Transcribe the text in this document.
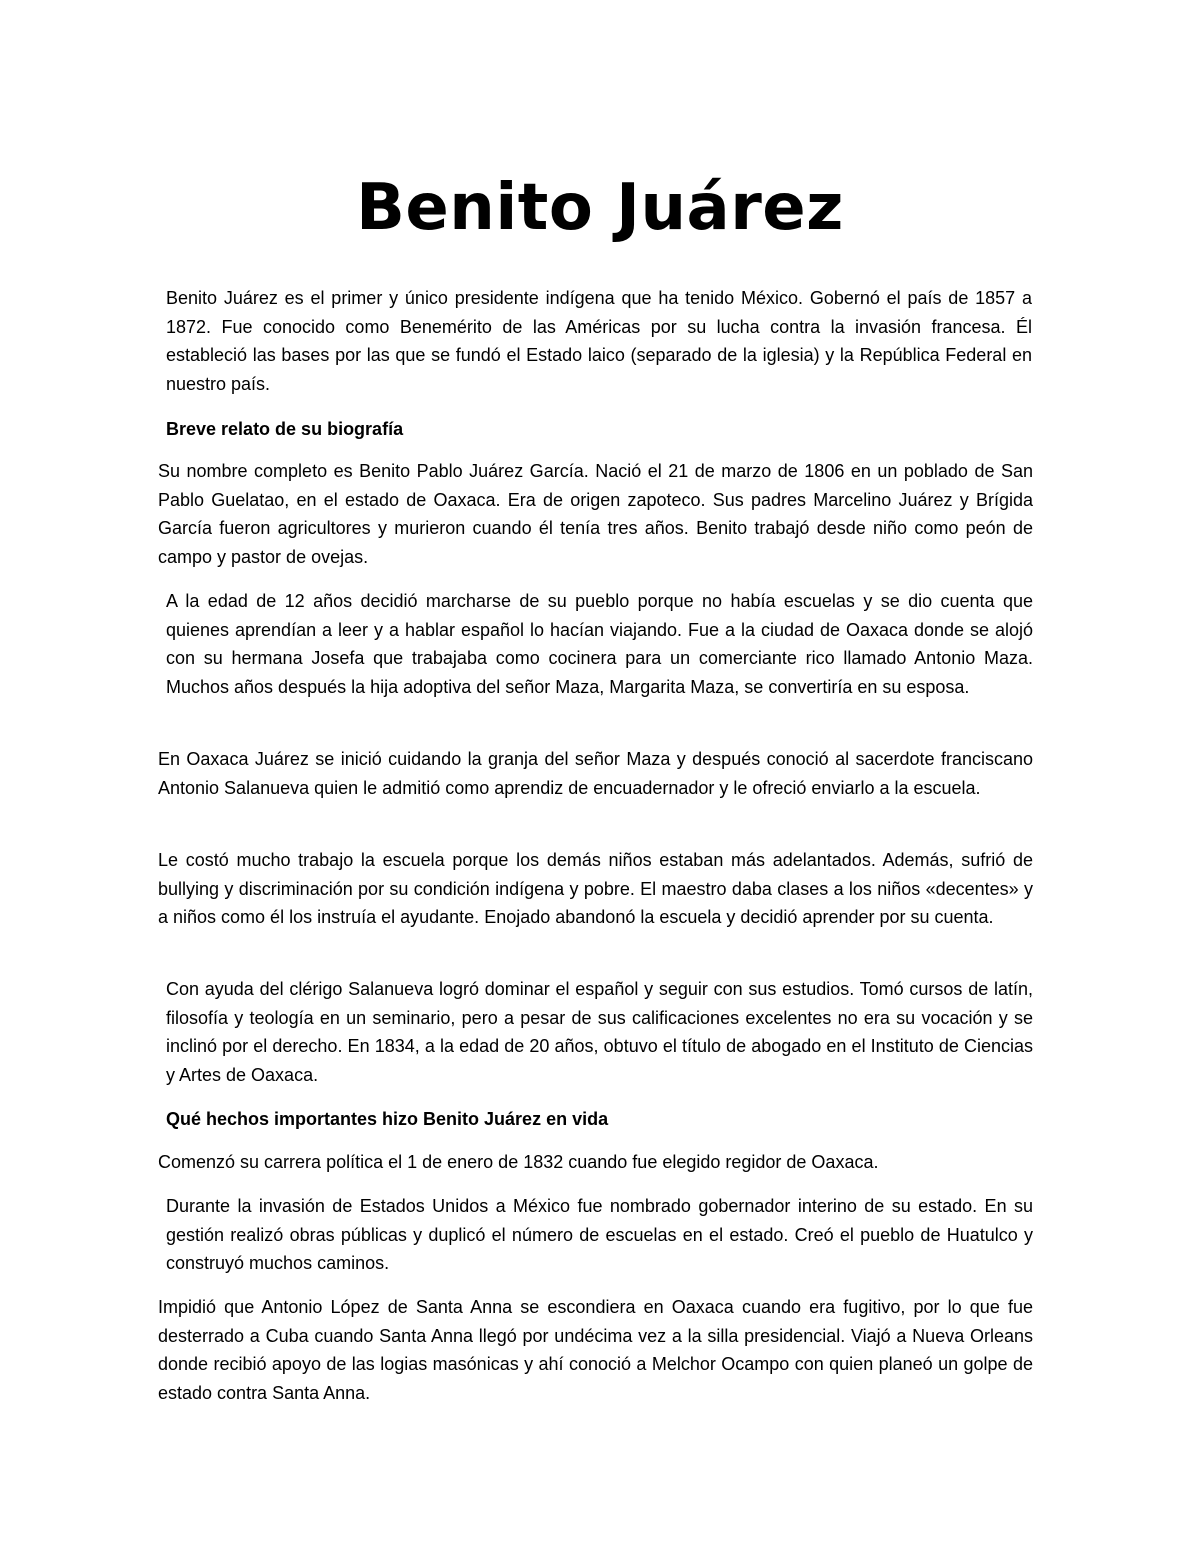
Benito Juárez

Benito Juárez es el primer y único presidente indígena que ha tenido México. Gobernó el país de 1857 a 1872. Fue conocido como Benemérito de las Américas por su lucha contra la invasión francesa. Él estableció las bases por las que se fundó el Estado laico (separado de la iglesia) y la República Federal en nuestro país.

Breve relato de su biografía

Su nombre completo es Benito Pablo Juárez García. Nació el 21 de marzo de 1806 en un poblado de San Pablo Guelatao, en el estado de Oaxaca. Era de origen zapoteco. Sus padres Marcelino Juárez y Brígida García fueron agricultores y murieron cuando él tenía tres años. Benito trabajó desde niño como peón de campo y pastor de ovejas.

A la edad de 12 años decidió marcharse de su pueblo porque no había escuelas y se dio cuenta que quienes aprendían a leer y a hablar español lo hacían viajando. Fue a la ciudad de Oaxaca donde se alojó con su hermana Josefa que trabajaba como cocinera para un comerciante rico llamado Antonio Maza. Muchos años después la hija adoptiva del señor Maza, Margarita Maza, se convertiría en su esposa.

En Oaxaca Juárez se inició cuidando la granja del señor Maza y después conoció al sacerdote franciscano Antonio Salanueva quien le admitió como aprendiz de encuadernador y le ofreció enviarlo a la escuela.

Le costó mucho trabajo la escuela porque los demás niños estaban más adelantados. Además, sufrió de bullying y discriminación por su condición indígena y pobre. El maestro daba clases a los niños «decentes» y a niños como él los instruía el ayudante. Enojado abandonó la escuela y decidió aprender por su cuenta.

Con ayuda del clérigo Salanueva logró dominar el español y seguir con sus estudios. Tomó cursos de latín, filosofía y teología en un seminario, pero a pesar de sus calificaciones excelentes no era su vocación y se inclinó por el derecho. En 1834, a la edad de 20 años, obtuvo el título de abogado en el Instituto de Ciencias y Artes de Oaxaca.

Qué hechos importantes hizo Benito Juárez en vida

Comenzó su carrera política el 1 de enero de 1832 cuando fue elegido regidor de Oaxaca.

Durante la invasión de Estados Unidos a México fue nombrado gobernador interino de su estado. En su gestión realizó obras públicas y duplicó el número de escuelas en el estado. Creó el pueblo de Huatulco y construyó muchos caminos.

Impidió que Antonio López de Santa Anna se escondiera en Oaxaca cuando era fugitivo, por lo que fue desterrado a Cuba cuando Santa Anna llegó por undécima vez a la silla presidencial. Viajó a Nueva Orleans donde recibió apoyo de las logias masónicas y ahí conoció a Melchor Ocampo con quien planeó un golpe de estado contra Santa Anna.
